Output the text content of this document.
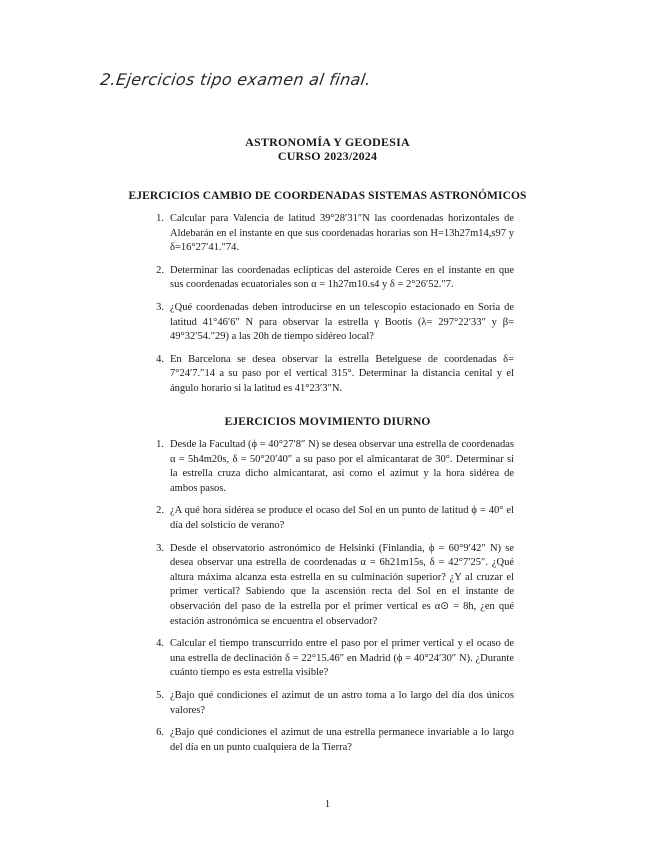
2.Ejercicios tipo examen al final.
ASTRONOMÍA Y GEODESIA
CURSO 2023/2024
EJERCICIOS CAMBIO DE COORDENADAS SISTEMAS ASTRONÓMICOS
1. Calcular para Valencia de latitud 39°28′31″N las coordenadas horizontales de Aldebarán en el instante en que sus coordenadas horarias son H=13h27m14,s97 y δ=16°27′41.″74.
2. Determinar las coordenadas eclípticas del asteroide Ceres en el instante en que sus coordenadas ecuatoriales son α = 1h27m10.s4 y δ = 2°26′52.″7.
3. ¿Qué coordenadas deben introducirse en un telescopio estacionado en Soria de latitud 41°46′6″ N para observar la estrella γ Bootis (λ= 297°22′33″ y β= 49°32′54.″29) a las 20h de tiempo sidéreo local?
4. En Barcelona se desea observar la estrella Betelguese de coordenadas δ= 7°24′7.″14 a su paso por el vertical 315°. Determinar la distancia cenital y el ángulo horario si la latitud es 41°23′3″N.
EJERCICIOS MOVIMIENTO DIURNO
1. Desde la Facultad (ϕ = 40°27′8″ N) se desea observar una estrella de coordenadas α = 5h4m20s, δ = 50°20′40″ a su paso por el almicantarat de 30°. Determinar si la estrella cruza dicho almicantarat, así como el azimut y la hora sidérea de ambos pasos.
2. ¿A qué hora sidérea se produce el ocaso del Sol en un punto de latitud ϕ = 40° el día del solsticio de verano?
3. Desde el observatorio astronómico de Helsinki (Finlandia, ϕ = 60°9′42″ N) se desea observar una estrella de coordenadas α = 6h21m15s, δ = 42°7′25″. ¿Qué altura máxima alcanza esta estrella en su culminación superior? ¿Y al cruzar el primer vertical? Sabiendo que la ascensión recta del Sol en el instante de observación del paso de la estrella por el primer vertical es α⊙ = 8h, ¿en qué estación astronómica se encuentra el observador?
4. Calcular el tiempo transcurrido entre el paso por el primer vertical y el ocaso de una estrella de declinación δ = 22°15.46″ en Madrid (ϕ = 40°24′30″ N). ¿Durante cuánto tiempo es esta estrella visible?
5. ¿Bajo qué condiciones el azimut de un astro toma a lo largo del día dos únicos valores?
6. ¿Bajo qué condiciones el azimut de una estrella permanece invariable a lo largo del día en un punto cualquiera de la Tierra?
1
